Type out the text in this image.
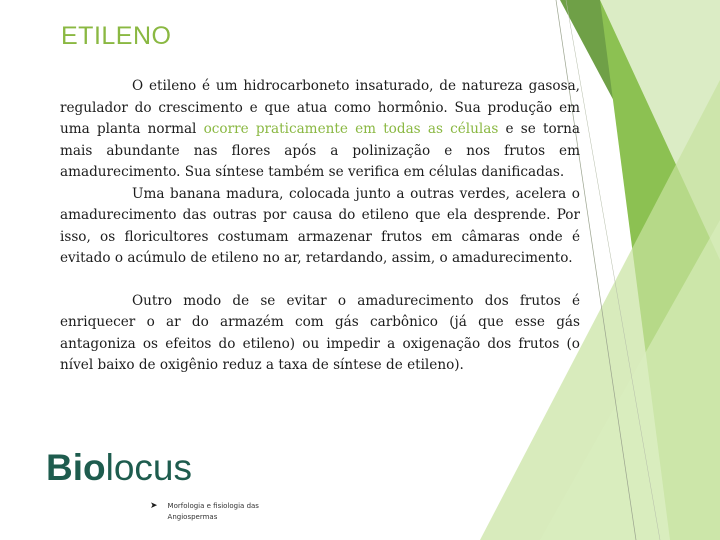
ETILENO

O etileno é um hidrocarboneto insaturado, de natureza gasosa, regulador do crescimento e que atua como hormônio. Sua produção em uma planta normal ocorre praticamente em todas as células e se torna mais abundante nas flores após a polinização e nos frutos em amadurecimento. Sua síntese também se verifica em células danificadas.

Uma banana madura, colocada junto a outras verdes, acelera o amadurecimento das outras por causa do etileno que ela desprende. Por isso, os floricultores costumam armazenar frutos em câmaras onde é evitado o acúmulo de etileno no ar, retardando, assim, o amadurecimento.

Outro modo de se evitar o amadurecimento dos frutos é enriquecer o ar do armazém com gás carbônico (já que esse gás antagoniza os efeitos do etileno) ou impedir a oxigenação dos frutos (o nível baixo de oxigênio reduz a taxa de síntese de etileno).

Biolocus
➤ Morfologia e fisiologia das Angiospermas
